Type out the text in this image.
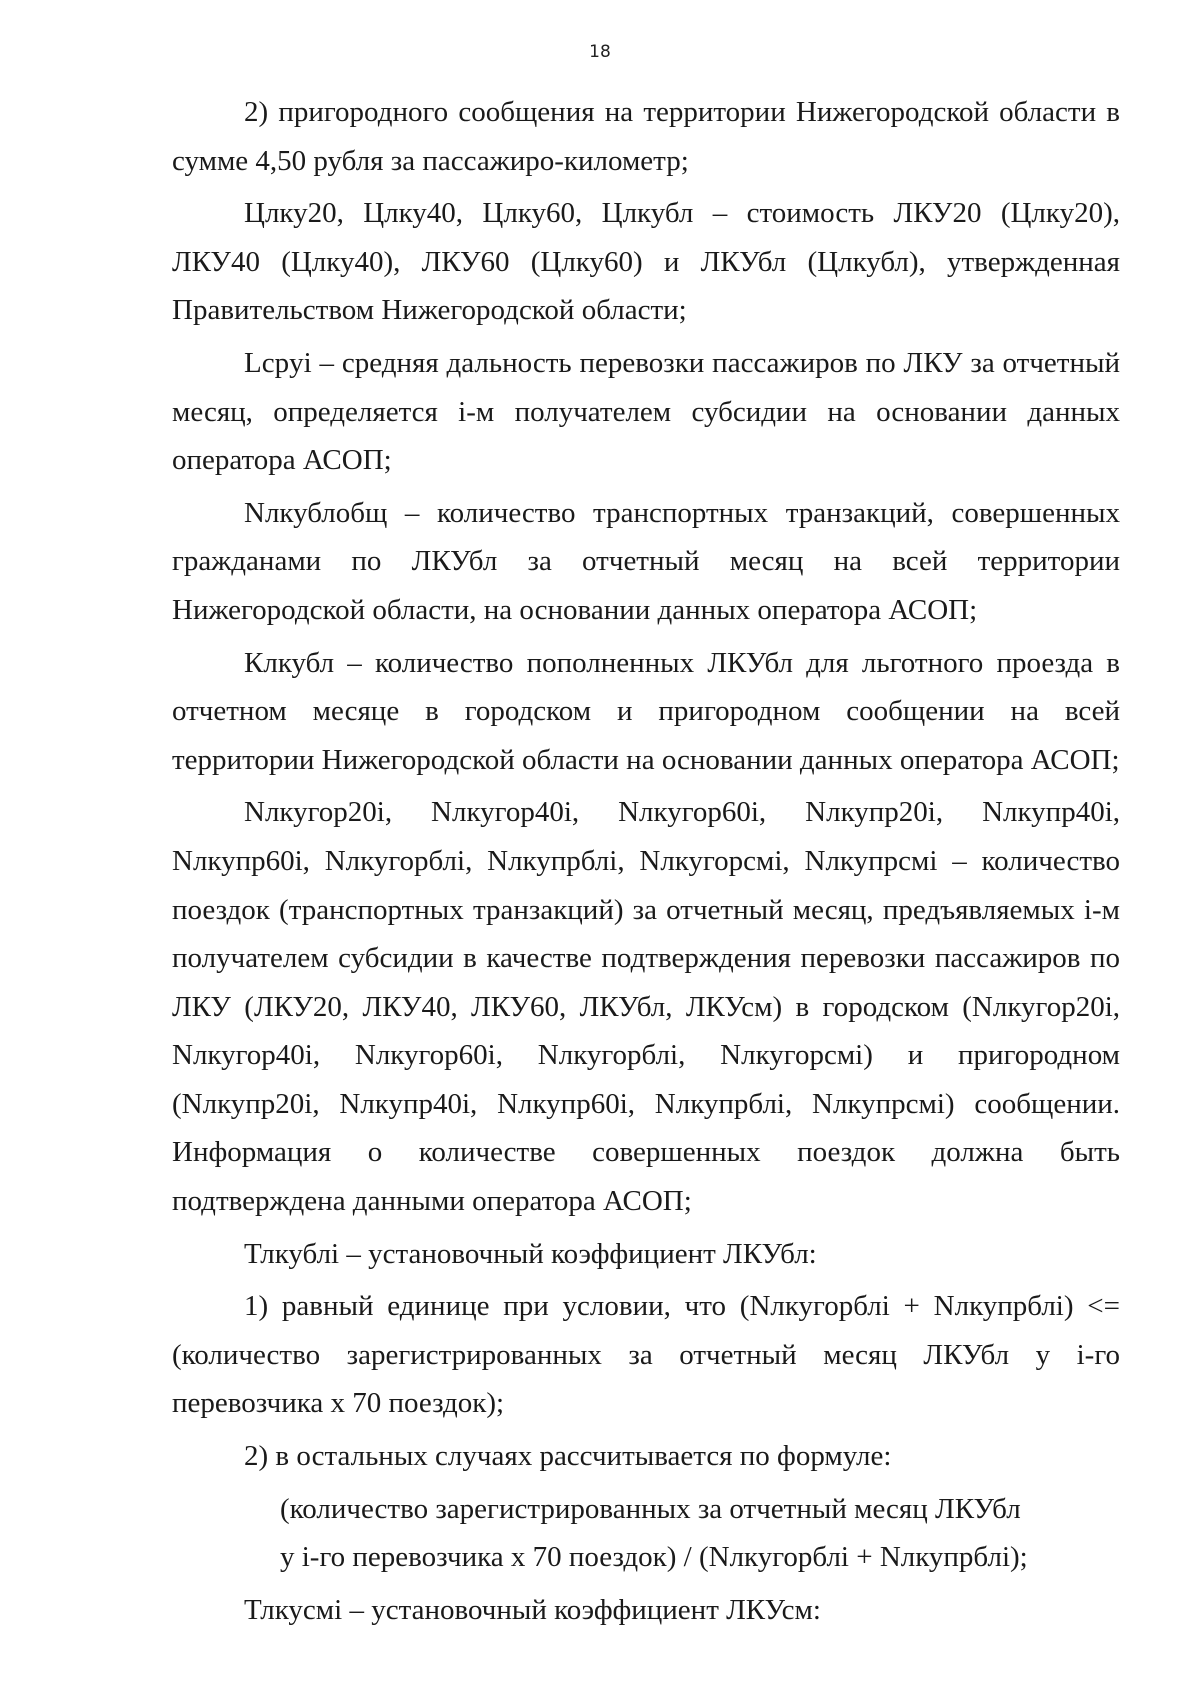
18

2) пригородного сообщения на территории Нижегородской области в сумме 4,50 рубля за пассажиро-километр;

Цлку20, Цлку40, Цлку60, Цлкубл – стоимость ЛКУ20 (Цлку20), ЛКУ40 (Цлку40), ЛКУ60 (Цлку60) и ЛКУбл (Цлкубл), утвержденная Правительством Нижегородской области;

Lсрyi – средняя дальность перевозки пассажиров по ЛКУ за отчетный месяц, определяется i-м получателем субсидии на основании данных оператора АСОП;

Nлкублобщ – количество транспортных транзакций, совершенных гражданами по ЛКУбл за отчетный месяц на всей территории Нижегородской области, на основании данных оператора АСОП;

Клкубл – количество пополненных ЛКУбл для льготного проезда в отчетном месяце в городском и пригородном сообщении на всей территории Нижегородской области на основании данных оператора АСОП;

Nлкугор20i, Nлкугор40i, Nлкугор60i, Nлкупр20i, Nлкупр40i, Nлкупр60i, Nлкугорблi, Nлкупрблi, Nлкугорсмi, Nлкупрсмi – количество поездок (транспортных транзакций) за отчетный месяц, предъявляемых i-м получателем субсидии в качестве подтверждения перевозки пассажиров по ЛКУ (ЛКУ20, ЛКУ40, ЛКУ60, ЛКУбл, ЛКУсм) в городском (Nлкугор20i, Nлкугор40i, Nлкугор60i, Nлкугорблi, Nлкугорсмi) и пригородном (Nлкупр20i, Nлкупр40i, Nлкупр60i, Nлкупрблi, Nлкупрсмi) сообщении. Информация о количестве совершенных поездок должна быть подтверждена данными оператора АСОП;

Тлкублi – установочный коэффициент ЛКУбл:

1) равный единице при условии, что (Nлкугорблi + Nлкупрблi) <= (количество зарегистрированных за отчетный месяц ЛКУбл у i-го перевозчика x 70 поездок);

2) в остальных случаях рассчитывается по формуле:

(количество зарегистрированных за отчетный месяц ЛКУбл

у i-го перевозчика x 70 поездок) / (Nлкугорблi + Nлкупрблi);

Тлкусмi – установочный коэффициент ЛКУсм:
